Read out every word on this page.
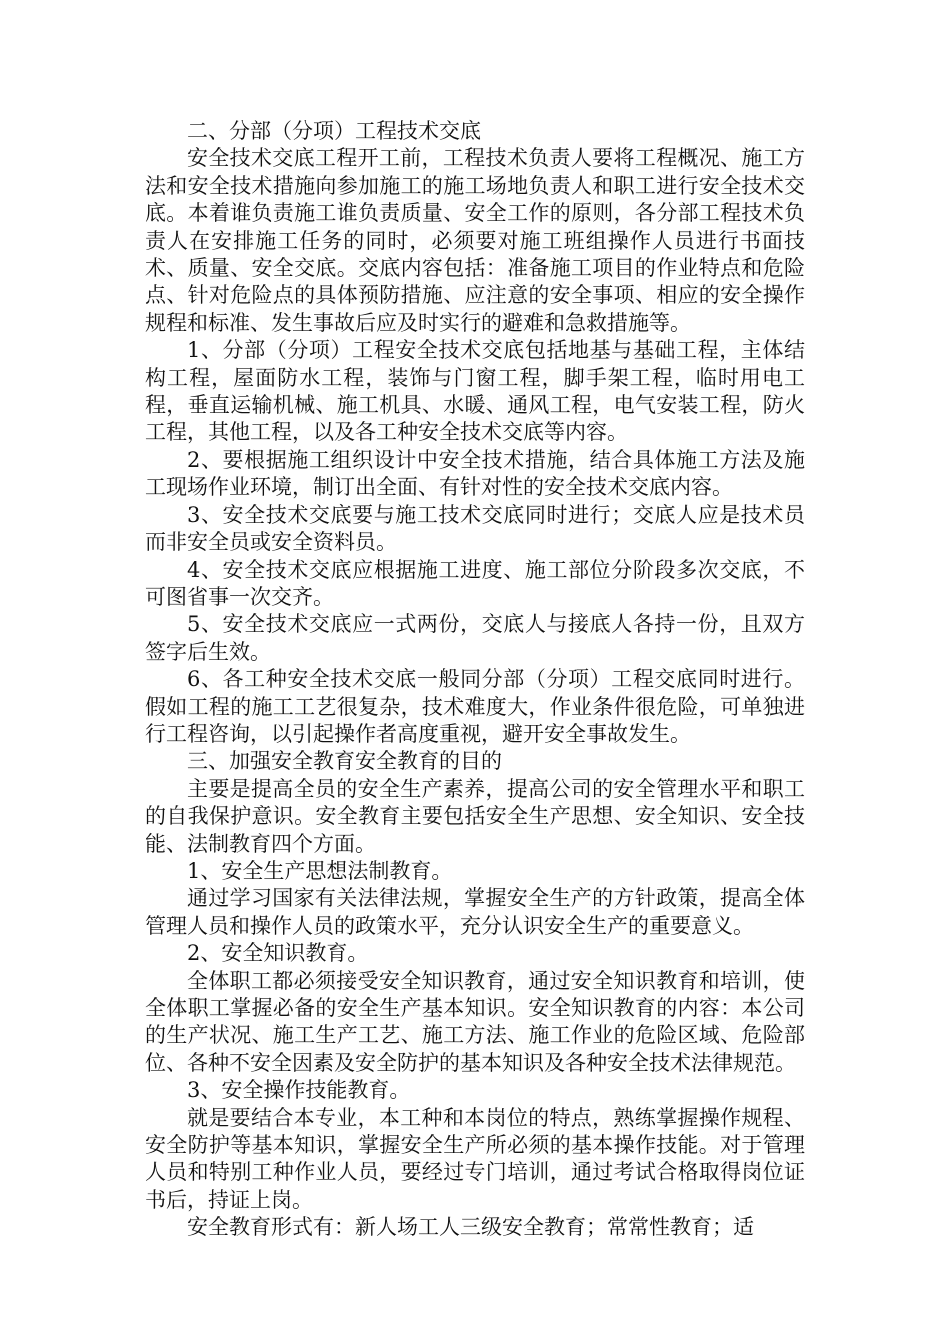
二、分部（分项）工程技术交底

安全技术交底工程开工前，工程技术负责人要将工程概况、施工方法和安全技术措施向参加施工的施工场地负责人和职工进行安全技术交底。本着谁负责施工谁负责质量、安全工作的原则，各分部工程技术负责人在安排施工任务的同时，必须要对施工班组操作人员进行书面技术、质量、安全交底。交底内容包括：准备施工项目的作业特点和危险点、针对危险点的具体预防措施、应注意的安全事项、相应的安全操作规程和标准、发生事故后应及时实行的避难和急救措施等。

1、分部（分项）工程安全技术交底包括地基与基础工程，主体结构工程，屋面防水工程，装饰与门窗工程，脚手架工程，临时用电工程，垂直运输机械、施工机具、水暖、通风工程，电气安装工程，防火工程，其他工程，以及各工种安全技术交底等内容。

2、要根据施工组织设计中安全技术措施，结合具体施工方法及施工现场作业环境，制订出全面、有针对性的安全技术交底内容。

3、安全技术交底要与施工技术交底同时进行；交底人应是技术员而非安全员或安全资料员。

4、安全技术交底应根据施工进度、施工部位分阶段多次交底，不可图省事一次交齐。

5、安全技术交底应一式两份，交底人与接底人各持一份，且双方签字后生效。

6、各工种安全技术交底一般同分部（分项）工程交底同时进行。假如工程的施工工艺很复杂，技术难度大，作业条件很危险，可单独进行工程咨询，以引起操作者高度重视，避开安全事故发生。

三、加强安全教育安全教育的目的

主要是提高全员的安全生产素养，提高公司的安全管理水平和职工的自我保护意识。安全教育主要包括安全生产思想、安全知识、安全技能、法制教育四个方面。

1、安全生产思想法制教育。

通过学习国家有关法律法规，掌握安全生产的方针政策，提高全体管理人员和操作人员的政策水平，充分认识安全生产的重要意义。

2、安全知识教育。

全体职工都必须接受安全知识教育，通过安全知识教育和培训，使全体职工掌握必备的安全生产基本知识。安全知识教育的内容：本公司的生产状况、施工生产工艺、施工方法、施工作业的危险区域、危险部位、各种不安全因素及安全防护的基本知识及各种安全技术法律规范。

3、安全操作技能教育。

就是要结合本专业，本工种和本岗位的特点，熟练掌握操作规程、安全防护等基本知识，掌握安全生产所必须的基本操作技能。对于管理人员和特别工种作业人员，要经过专门培训，通过考试合格取得岗位证书后，持证上岗。

安全教育形式有：新人场工人三级安全教育；常常性教育；适
